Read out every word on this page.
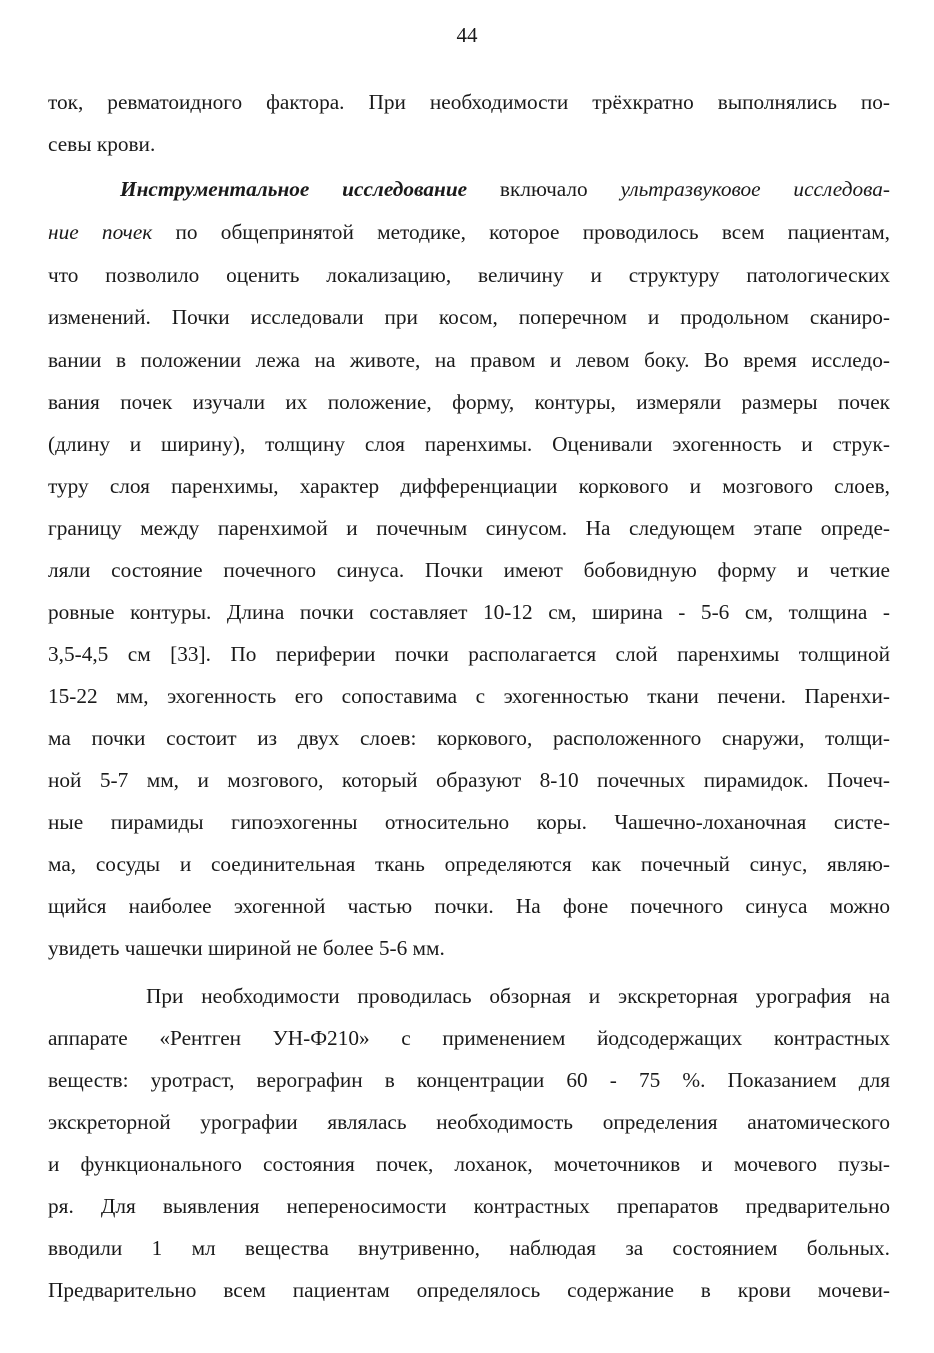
44
ток, ревматоидного фактора. При необходимости трёхкратно выполнялись по-
севы крови.
Инструментальное исследование включало ультразвуковое исследова-
ние почек по общепринятой методике, которое проводилось всем пациентам,
что позволило оценить локализацию, величину и структуру патологических
изменений. Почки исследовали при косом, поперечном и продольном сканиро-
вании в положении лежа на животе, на правом и левом боку. Во время исследо-
вания почек изучали их положение, форму, контуры, измеряли размеры почек
(длину и ширину), толщину слоя паренхимы. Оценивали эхогенность и струк-
туру слоя паренхимы, характер дифференциации коркового и мозгового слоев,
границу между паренхимой и почечным синусом. На следующем этапе опреде-
ляли состояние почечного синуса. Почки имеют бобовидную форму и четкие
ровные контуры. Длина почки составляет 10-12 см, ширина - 5-6 см, толщина -
3,5-4,5 см [33]. По периферии почки располагается слой паренхимы толщиной
15-22 мм, эхогенность его сопоставима с эхогенностью ткани печени. Паренхи-
ма почки состоит из двух слоев: коркового, расположенного снаружи, толщи-
ной 5-7 мм, и мозгового, который образуют 8-10 почечных пирамидок. Почеч-
ные пирамиды гипоэхогенны относительно коры. Чашечно-лоханочная систе-
ма, сосуды и соединительная ткань определяются как почечный синус, являю-
щийся наиболее эхогенной частью почки. На фоне почечного синуса можно
увидеть чашечки шириной не более 5-6 мм.
При необходимости проводилась обзорная и экскреторная урография на
аппарате «Рентген УН-Ф210» с применением йодсодержащих контрастных
веществ: уротраст, верографин в концентрации 60 - 75 %. Показанием для
экскреторной урографии являлась необходимость определения анатомического
и функционального состояния почек, лоханок, мочеточников и мочевого пузы-
ря. Для выявления непереносимости контрастных препаратов предварительно
вводили 1 мл вещества внутривенно, наблюдая за состоянием больных.
Предварительно всем пациентам определялось содержание в крови мочеви-
